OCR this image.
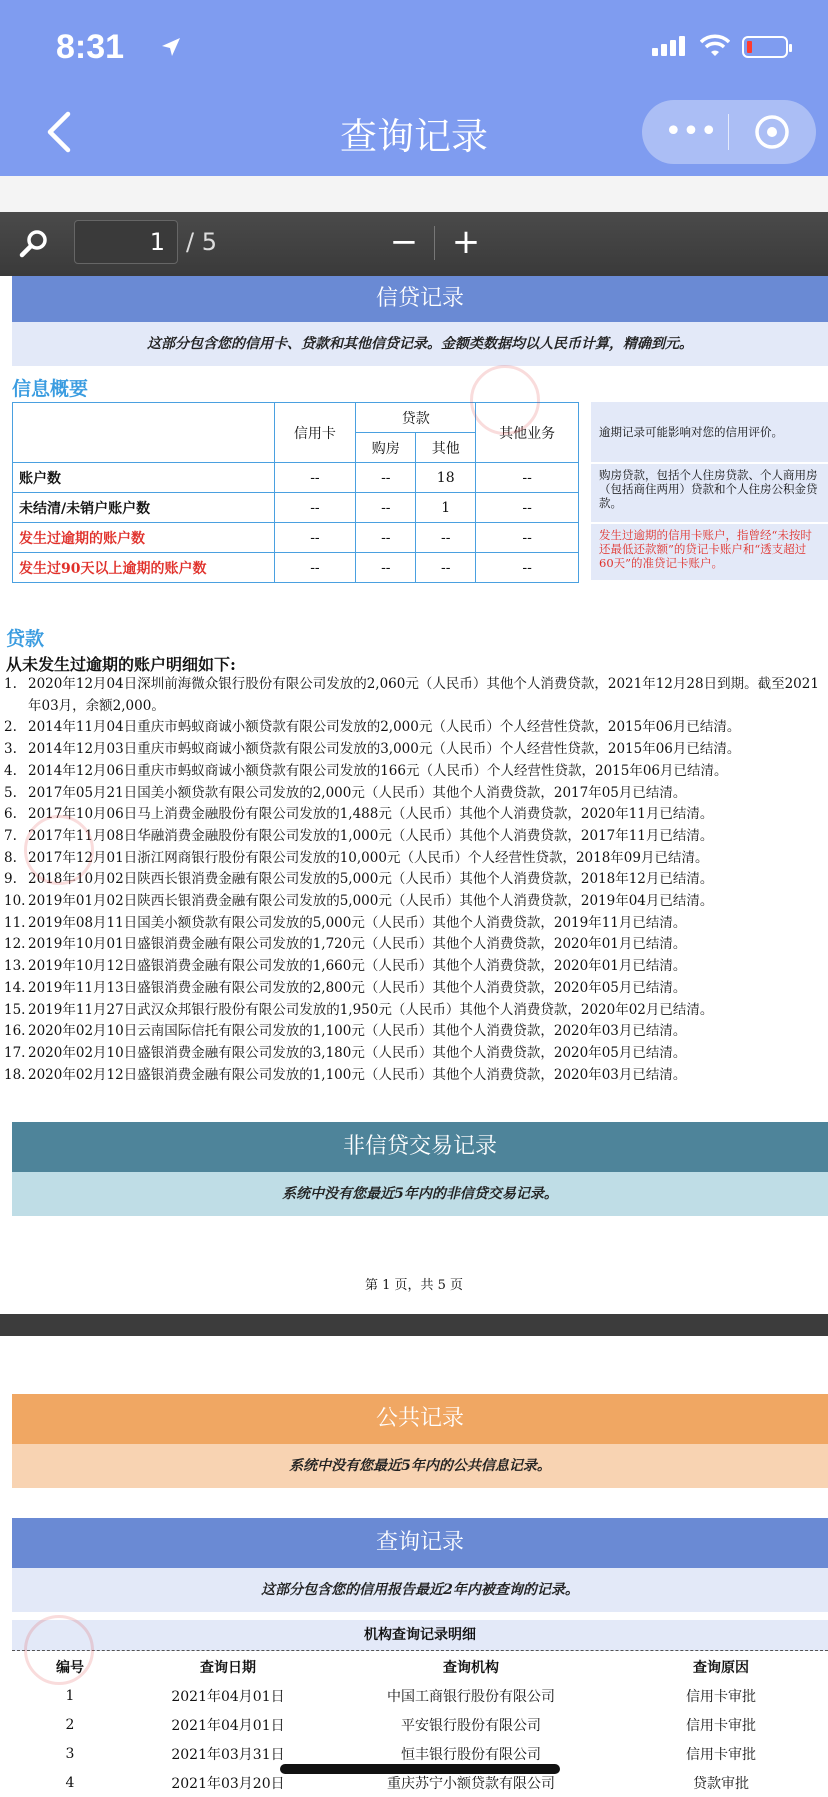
8:31
查询记录	•••
1 / 5	− +
信贷记录
这部分包含您的信用卡、贷款和其他信贷记录。金额类数据均以人民币计算，精确到元。
信息概要
	信用卡	贷款		其他业务
		购房	其他	
账户数	--	--	18	--
未结清/未销户账户数	--	--	1	--
发生过逾期的账户数	--	--	--	--
发生过90天以上逾期的账户数	--	--	--	--
逾期记录可能影响对您的信用评价。
购房贷款，包括个人住房贷款、个人商用房（包括商住两用）贷款和个人住房公积金贷款。
发生过逾期的信用卡账户，指曾经“未按时还最低还款额”的贷记卡账户和“透支超过60天”的准贷记卡账户。
贷款
从未发生过逾期的账户明细如下:
1. 2020年12月04日深圳前海微众银行股份有限公司发放的2,060元（人民币）其他个人消费贷款，2021年12月28日到期。截至2021年03月，余额2,000。
2. 2014年11月04日重庆市蚂蚁商诚小额贷款有限公司发放的2,000元（人民币）个人经营性贷款，2015年06月已结清。
3. 2014年12月03日重庆市蚂蚁商诚小额贷款有限公司发放的3,000元（人民币）个人经营性贷款，2015年06月已结清。
4. 2014年12月06日重庆市蚂蚁商诚小额贷款有限公司发放的166元（人民币）个人经营性贷款，2015年06月已结清。
5. 2017年05月21日国美小额贷款有限公司发放的2,000元（人民币）其他个人消费贷款，2017年05月已结清。
6. 2017年10月06日马上消费金融股份有限公司发放的1,488元（人民币）其他个人消费贷款，2020年11月已结清。
7. 2017年11月08日华融消费金融股份有限公司发放的1,000元（人民币）其他个人消费贷款，2017年11月已结清。
8. 2017年12月01日浙江网商银行股份有限公司发放的10,000元（人民币）个人经营性贷款，2018年09月已结清。
9. 2018年10月02日陕西长银消费金融有限公司发放的5,000元（人民币）其他个人消费贷款，2018年12月已结清。
10. 2019年01月02日陕西长银消费金融有限公司发放的5,000元（人民币）其他个人消费贷款，2019年04月已结清。
11. 2019年08月11日国美小额贷款有限公司发放的5,000元（人民币）其他个人消费贷款，2019年11月已结清。
12. 2019年10月01日盛银消费金融有限公司发放的1,720元（人民币）其他个人消费贷款，2020年01月已结清。
13. 2019年10月12日盛银消费金融有限公司发放的1,660元（人民币）其他个人消费贷款，2020年01月已结清。
14. 2019年11月13日盛银消费金融有限公司发放的2,800元（人民币）其他个人消费贷款，2020年05月已结清。
15. 2019年11月27日武汉众邦银行股份有限公司发放的1,950元（人民币）其他个人消费贷款，2020年02月已结清。
16. 2020年02月10日云南国际信托有限公司发放的1,100元（人民币）其他个人消费贷款，2020年03月已结清。
17. 2020年02月10日盛银消费金融有限公司发放的3,180元（人民币）其他个人消费贷款，2020年05月已结清。
18. 2020年02月12日盛银消费金融有限公司发放的1,100元（人民币）其他个人消费贷款，2020年03月已结清。
非信贷交易记录
系统中没有您最近5年内的非信贷交易记录。
第 1 页，共 5 页
公共记录
系统中没有您最近5年内的公共信息记录。
查询记录
这部分包含您的信用报告最近2年内被查询的记录。
机构查询记录明细
编号	查询日期	查询机构	查询原因
1	2021年04月01日	中国工商银行股份有限公司	信用卡审批
2	2021年04月01日	平安银行股份有限公司	信用卡审批
3	2021年03月31日	恒丰银行股份有限公司	信用卡审批
4	2021年03月20日	重庆苏宁小额贷款有限公司	贷款审批
